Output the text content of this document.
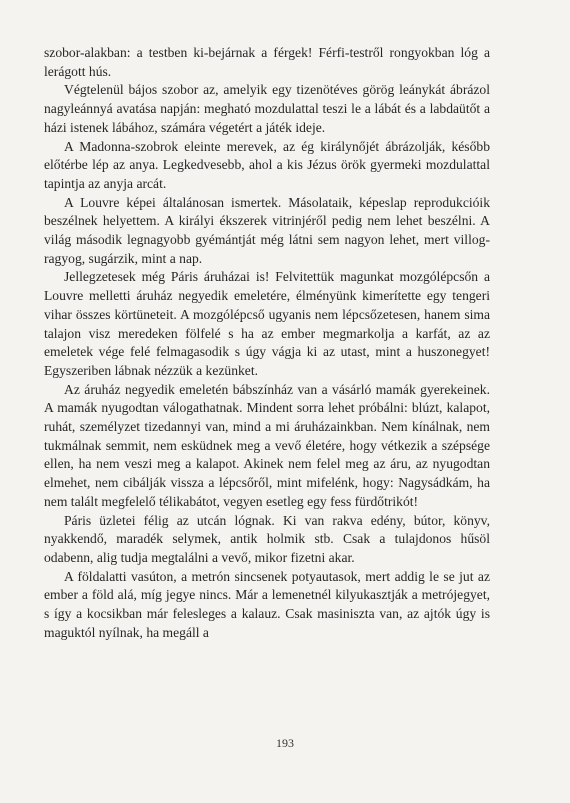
szobor-alakban: a testben ki-bejárnak a férgek! Férfi-testről rongyokban lóg a lerágott hús.

Végtelenül bájos szobor az, amelyik egy tizenötéves görög leánykát ábrázol nagyleánnyá avatása napján: megható mozdulattal teszi le a lábát és a labdaütőt a házi istenek lábához, számára végetért a játék ideje.

A Madonna-szobrok eleinte merevek, az ég királynőjét ábrázolják, később előtérbe lép az anya. Legkedvesebb, ahol a kis Jézus örök gyermeki mozdulattal tapintja az anyja arcát.

A Louvre képei általánosan ismertek. Másolataik, képeslap reprodukcióik beszélnek helyettem. A királyi ékszerek vitrinjéről pedig nem lehet beszélni. A világ második legnagyobb gyémántját még látni sem nagyon lehet, mert villog-ragyog, sugárzik, mint a nap.

Jellegzetesek még Páris áruházai is! Felvitettük magunkat mozgólépcsőn a Louvre melletti áruház negyedik emeletére, élményünk kimerítette egy tengeri vihar összes körtüneteit. A mozgólépcső ugyanis nem lépcsőzetesen, hanem sima talajon visz meredeken fölfelé s ha az ember megmarkolja a karfát, az az emeletek vége felé felmagasodik s úgy vágja ki az utast, mint a huszonegyet! Egyszeriben lábnak nézzük a kezünket.

Az áruház negyedik emeletén bábszínház van a vásárló mamák gyerekeinek. A mamák nyugodtan válogathatnak. Mindent sorra lehet próbálni: blúzt, kalapot, ruhát, személyzet tizedannyi van, mind a mi áruházainkban. Nem kínálnak, nem tukmálnak semmit, nem esküdnek meg a vevő életére, hogy vétkezik a szépsége ellen, ha nem veszi meg a kalapot. Akinek nem felel meg az áru, az nyugodtan elmehet, nem cibálják vissza a lépcsőről, mint mifelénk, hogy: Nagysádkám, ha nem talált megfelelő télikabátot, vegyen esetleg egy fess fürdőtrikót!

Páris üzletei félig az utcán lógnak. Ki van rakva edény, bútor, könyv, nyakkendő, maradék selymek, antik holmik stb. Csak a tulajdonos hűsöl odabenn, alig tudja megtalálni a vevő, mikor fizetni akar.

A földalatti vasúton, a metrón sincsenek potyautasok, mert addig le se jut az ember a föld alá, míg jegye nincs. Már a lemenetnél kilyukasztják a metrójegyet, s így a kocsikban már felesleges a kalauz. Csak masiniszta van, az ajtók úgy is maguktól nyílnak, ha megáll a

193
